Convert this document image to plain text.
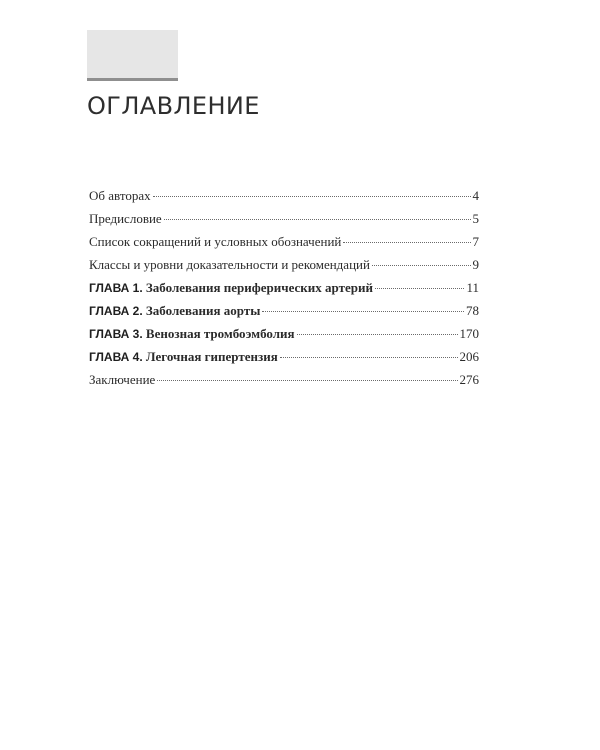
ОГЛАВЛЕНИЕ
Об авторах	4
Предисловие	5
Список сокращений и условных обозначений	7
Классы и уровни доказательности и рекомендаций	9
ГЛАВА 1. Заболевания периферических артерий	11
ГЛАВА 2. Заболевания аорты	78
ГЛАВА 3. Венозная тромбоэмболия	170
ГЛАВА 4. Легочная гипертензия	206
Заключение	276
